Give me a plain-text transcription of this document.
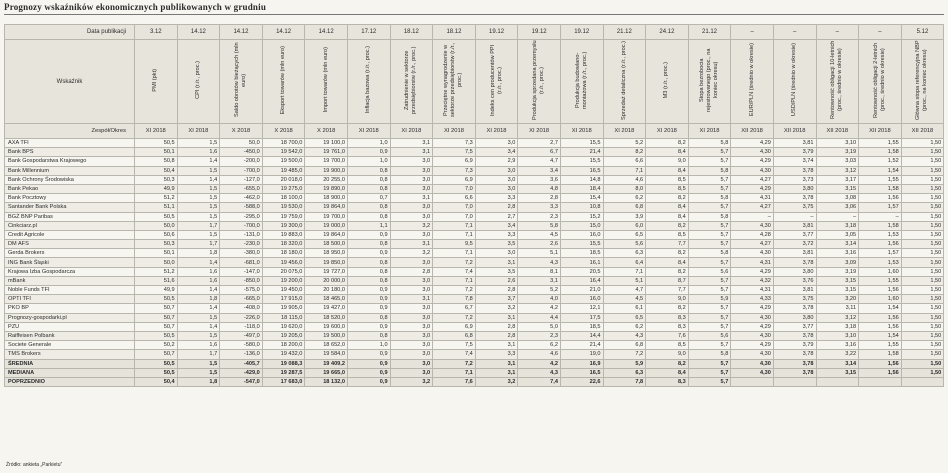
Prognozy wskaźników ekonomicznych publikowanych w grudniu
Data publikacji	3.12	14.12	14.12	14.12	14.12	17.12	18.12	18.12	19.12	19.12	19.12	21.12	24.12	21.12	–	–	–	–	5.12
Wskaźnik	PMI (pkt)	CPI (r./r., proc.)	Saldo obrotów bieżących (mln euro)	Eksport towarów (mln euro)	Import towarów (mln euro)	Inflacja bazowa (r./r., proc.)	Zatrudnienie w sektorze przedsiębiorstw (r./r., proc.)	Przeciętne wynagrodzenie w sektorze przedsiębiorstw (r./r., proc.)	Indeks cen producentów PPI (r./r., proc.)	Produkcja sprzedana przemysłu (r./r., proc.)	Produkcja budowlano-montażowa (r./r., proc.)	Sprzedaż detaliczna (r./r., proc.)	M3 (r./r., proc.)	Stopa bezrobocia rejestrowanego (proc., na koniec okresu)	EUR/PLN (średnio w okresie)	USD/PLN (średnio w okresie)	Rentowność obligacji 10-letnich (proc., średnio w okresie)	Rentowność obligacji 2-letnich (proc., średnio w okresie)	Główna stopa referencyjna NBP (proc., na koniec okresu)
Zespół/Okres	XI 2018	XI 2018	X 2018	X 2018	X 2018	XI 2018	XI 2018	XI 2018	XI 2018	XI 2018	XI 2018	XI 2018	XI 2018	XI 2018	XII 2018	XII 2018	XII 2018	XII 2018	XII 2018
AXA TFI	50,5	1,5	50,0	18 700,0	19 100,0	1,0	3,1	7,3	3,0	2,7	15,5	5,2	8,2	5,8	4,29	3,81	3,10	1,55	1,50
Bank BPS	50,1	1,6	-450,0	19 542,0	19 761,0	0,9	3,1	7,5	3,4	6,7	21,4	8,2	8,4	5,7	4,30	3,79	3,19	1,58	1,50
Bank Gospodarstwa Krajowego	50,8	1,4	-200,0	19 500,0	19 700,0	1,0	3,0	6,9	2,9	4,7	15,5	6,6	9,0	5,7	4,29	3,74	3,03	1,52	1,50
Bank Millennium	50,4	1,5	-700,0	19 485,0	19 900,0	0,8	3,0	7,3	3,0	3,4	16,5	7,1	8,4	5,8	4,30	3,78	3,12	1,54	1,50
Bank Ochrony Środowiska	50,3	1,4	-127,0	20 018,0	20 255,0	0,8	3,0	6,9	3,0	3,6	14,8	4,6	8,5	5,7	4,27	3,73	3,17	1,55	1,50
Bank Pekao	49,9	1,5	-655,0	19 275,0	19 890,0	0,8	3,0	7,0	3,0	4,8	18,4	8,0	8,5	5,7	4,29	3,80	3,15	1,58	1,50
Bank Pocztowy	51,2	1,5	-462,0	18 100,0	18 900,0	0,7	3,1	6,6	3,3	2,8	15,4	6,2	8,2	5,8	4,31	3,78	3,08	1,56	1,50
Santander Bank Polska	51,1	1,5	-588,0	19 530,0	19 864,0	0,8	3,0	7,0	2,8	3,3	10,8	6,8	8,4	5,7	4,27	3,75	3,06	1,57	1,50
BGŻ BNP Paribas	50,5	1,5	-295,0	19 759,0	19 700,0	0,8	3,0	7,0	2,7	2,3	15,2	3,9	8,4	5,8	–	–	–	–	1,50
Cinkciarz.pl	50,0	1,7	-700,0	19 300,0	19 000,0	1,1	3,2	7,1	3,4	5,8	15,0	6,0	8,2	5,7	4,30	3,81	3,18	1,58	1,50
Credit Agricole	50,6	1,5	-131,0	19 883,0	19 864,0	0,9	3,0	7,1	3,3	4,5	16,0	6,5	8,5	5,7	4,28	3,77	3,05	1,53	1,50
DM AFS	50,3	1,7	-230,0	18 320,0	18 500,0	0,8	3,1	9,5	3,5	2,6	15,5	5,6	7,7	5,7	4,27	3,72	3,14	1,56	1,50
Gerda Brokers	50,1	1,8	-380,0	18 180,0	18 950,0	0,9	3,2	7,1	3,0	5,1	18,5	6,3	8,2	5,8	4,30	3,81	3,16	1,57	1,50
ING Bank Śląski	50,0	1,4	-681,0	19 456,0	19 850,0	0,8	3,0	7,2	3,1	4,3	16,1	6,4	8,4	5,7	4,31	3,78	3,09	1,53	1,50
Krajowa Izba Gospodarcza	51,2	1,6	-147,0	20 075,0	19 727,0	0,8	2,8	7,4	3,5	8,1	20,5	7,1	8,2	5,6	4,29	3,80	3,19	1,60	1,50
mBank	51,6	1,6	-850,0	19 200,0	20 000,0	0,8	3,0	7,1	2,6	3,1	16,4	5,1	8,7	5,7	4,32	3,76	3,15	1,55	1,50
Noble Funds TFI	49,9	1,4	-575,0	19 450,0	20 180,0	0,9	3,0	7,2	2,8	5,2	21,0	4,7	7,7	5,7	4,31	3,81	3,15	1,56	1,50
OPTI TFI	50,5	1,8	-665,0	17 915,0	18 465,0	0,9	3,1	7,8	3,7	4,0	16,0	4,5	9,0	5,9	4,33	3,75	3,20	1,60	1,50
PKO BP	50,7	1,4	-408,0	19 905,0	19 427,0	0,9	3,0	6,7	3,2	4,2	12,1	6,1	8,2	5,7	4,29	3,78	3,11	1,54	1,50
Prognozy-gospodarki.pl	50,7	1,5	-226,0	18 115,0	18 520,0	0,8	3,0	7,2	3,1	4,4	17,5	6,5	8,3	5,7	4,30	3,80	3,12	1,56	1,50
PZU	50,7	1,4	-118,0	19 620,0	19 600,0	0,9	3,0	6,9	2,8	5,0	18,5	6,2	8,3	5,7	4,29	3,77	3,18	1,56	1,50
Raiffeisen Polbank	50,5	1,5	-497,0	19 205,0	19 500,0	0,8	3,0	6,8	2,8	2,3	14,4	4,3	7,6	5,6	4,30	3,78	3,10	1,54	1,50
Societe Generale	50,2	1,6	-580,0	18 200,0	18 652,0	1,0	3,0	7,5	3,1	6,2	21,4	6,8	8,5	5,7	4,29	3,79	3,16	1,55	1,50
TMS Brokers	50,7	1,7	-136,0	19 432,0	19 584,0	0,9	3,0	7,4	3,3	4,6	19,0	7,2	9,0	5,8	4,30	3,78	3,22	1,58	1,50
ŚREDNIA	50,5	1,5	-405,7	19 088,3	19 409,2	0,9	3,0	7,2	3,1	4,2	16,9	5,9	8,2	5,7	4,30	3,78	3,14	1,56	1,50
MEDIANA	50,5	1,5	-429,0	19 287,5	19 665,0	0,9	3,0	7,1	3,1	4,3	16,5	6,3	8,4	5,7	4,30	3,78	3,15	1,56	1,50
POPRZEDNIO	50,4	1,8	-547,0	17 683,0	18 132,0	0,9	3,2	7,6	3,2	7,4	22,6	7,8	8,3	5,7					
Źródło: ankieta „Parkietu”
